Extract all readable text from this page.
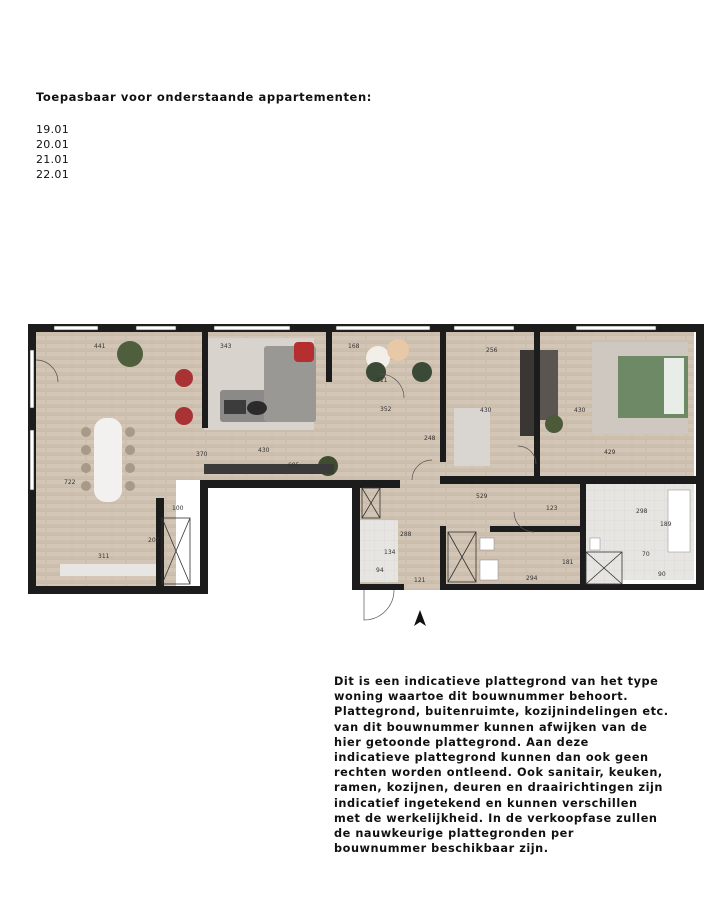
Toepasbaar voor onderstaande appartementen:
19.01
20.01
21.01
22.01
441	343	168
311
256
352	430	430
430
370
248
695
429
722
100
207
311
529
123	298
189
70
90
181
294
134
94
121
288
Dit is een indicatieve plattegrond van het type
woning waartoe dit bouwnummer behoort.
Plattegrond, buitenruimte, kozijnindelingen etc.
van dit bouwnummer kunnen afwijken van de
hier getoonde plattegrond. Aan deze
indicatieve plattegrond kunnen dan ook geen
rechten worden ontleend. Ook sanitair, keuken,
ramen, kozijnen, deuren en draairichtingen zijn
indicatief ingetekend en kunnen verschillen
met de werkelijkheid. In de verkoopfase zullen
de nauwkeurige plattegronden per
bouwnummer beschikbaar zijn.
